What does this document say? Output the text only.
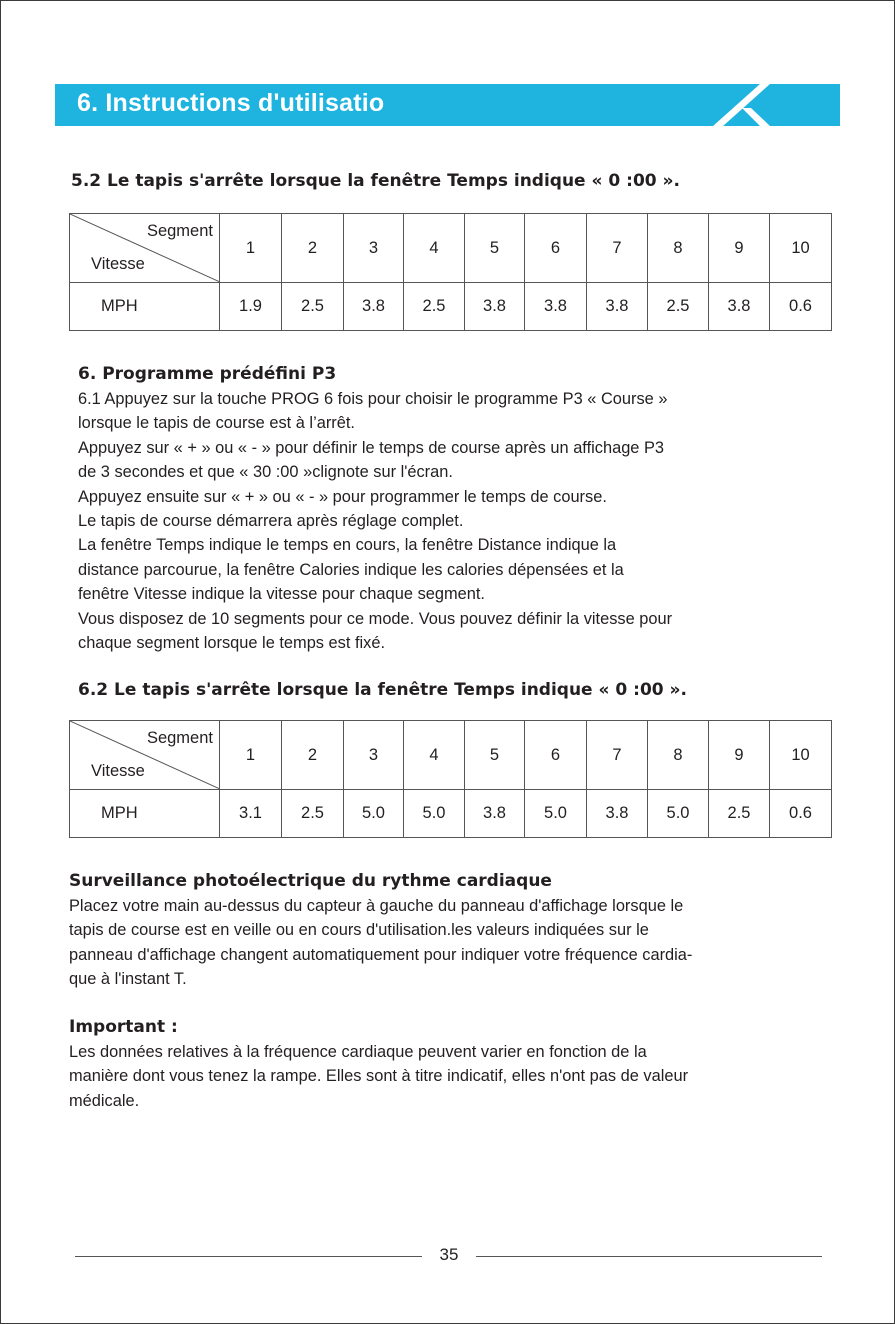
6. Instructions d'utilisatio
5.2 Le tapis s'arrête lorsque la fenêtre Temps indique « 0 :00 ».
Segment
Vitesse	1	2	3	4	5	6	7	8	9	10
MPH	1.9	2.5	3.8	2.5	3.8	3.8	3.8	2.5	3.8	0.6
6. Programme prédéfini P3
6.1 Appuyez sur la touche PROG 6 fois pour choisir le programme P3 « Course »
lorsque le tapis de course est à l’arrêt.
Appuyez sur « + » ou « - » pour définir le temps de course après un affichage P3
de 3 secondes et que « 30 :00 »clignote sur l'écran.
Appuyez ensuite sur « + » ou « - » pour programmer le temps de course.
Le tapis de course démarrera après réglage complet.
La fenêtre Temps indique le temps en cours, la fenêtre Distance indique la
distance parcourue, la fenêtre Calories indique les calories dépensées et la
fenêtre Vitesse indique la vitesse pour chaque segment.
Vous disposez de 10 segments pour ce mode. Vous pouvez définir la vitesse pour
chaque segment lorsque le temps est fixé.
6.2 Le tapis s'arrête lorsque la fenêtre Temps indique « 0 :00 ».
Segment
Vitesse	1	2	3	4	5	6	7	8	9	10
MPH	3.1	2.5	5.0	5.0	3.8	5.0	3.8	5.0	2.5	0.6
Surveillance photoélectrique du rythme cardiaque
Placez votre main au-dessus du capteur à gauche du panneau d'affichage lorsque le
tapis de course est en veille ou en cours d'utilisation.les valeurs indiquées sur le
panneau d'affichage changent automatiquement pour indiquer votre fréquence cardia-
que à l'instant T.
Important :
Les données relatives à la fréquence cardiaque peuvent varier en fonction de la
manière dont vous tenez la rampe. Elles sont à titre indicatif, elles n'ont pas de valeur
médicale.
35
